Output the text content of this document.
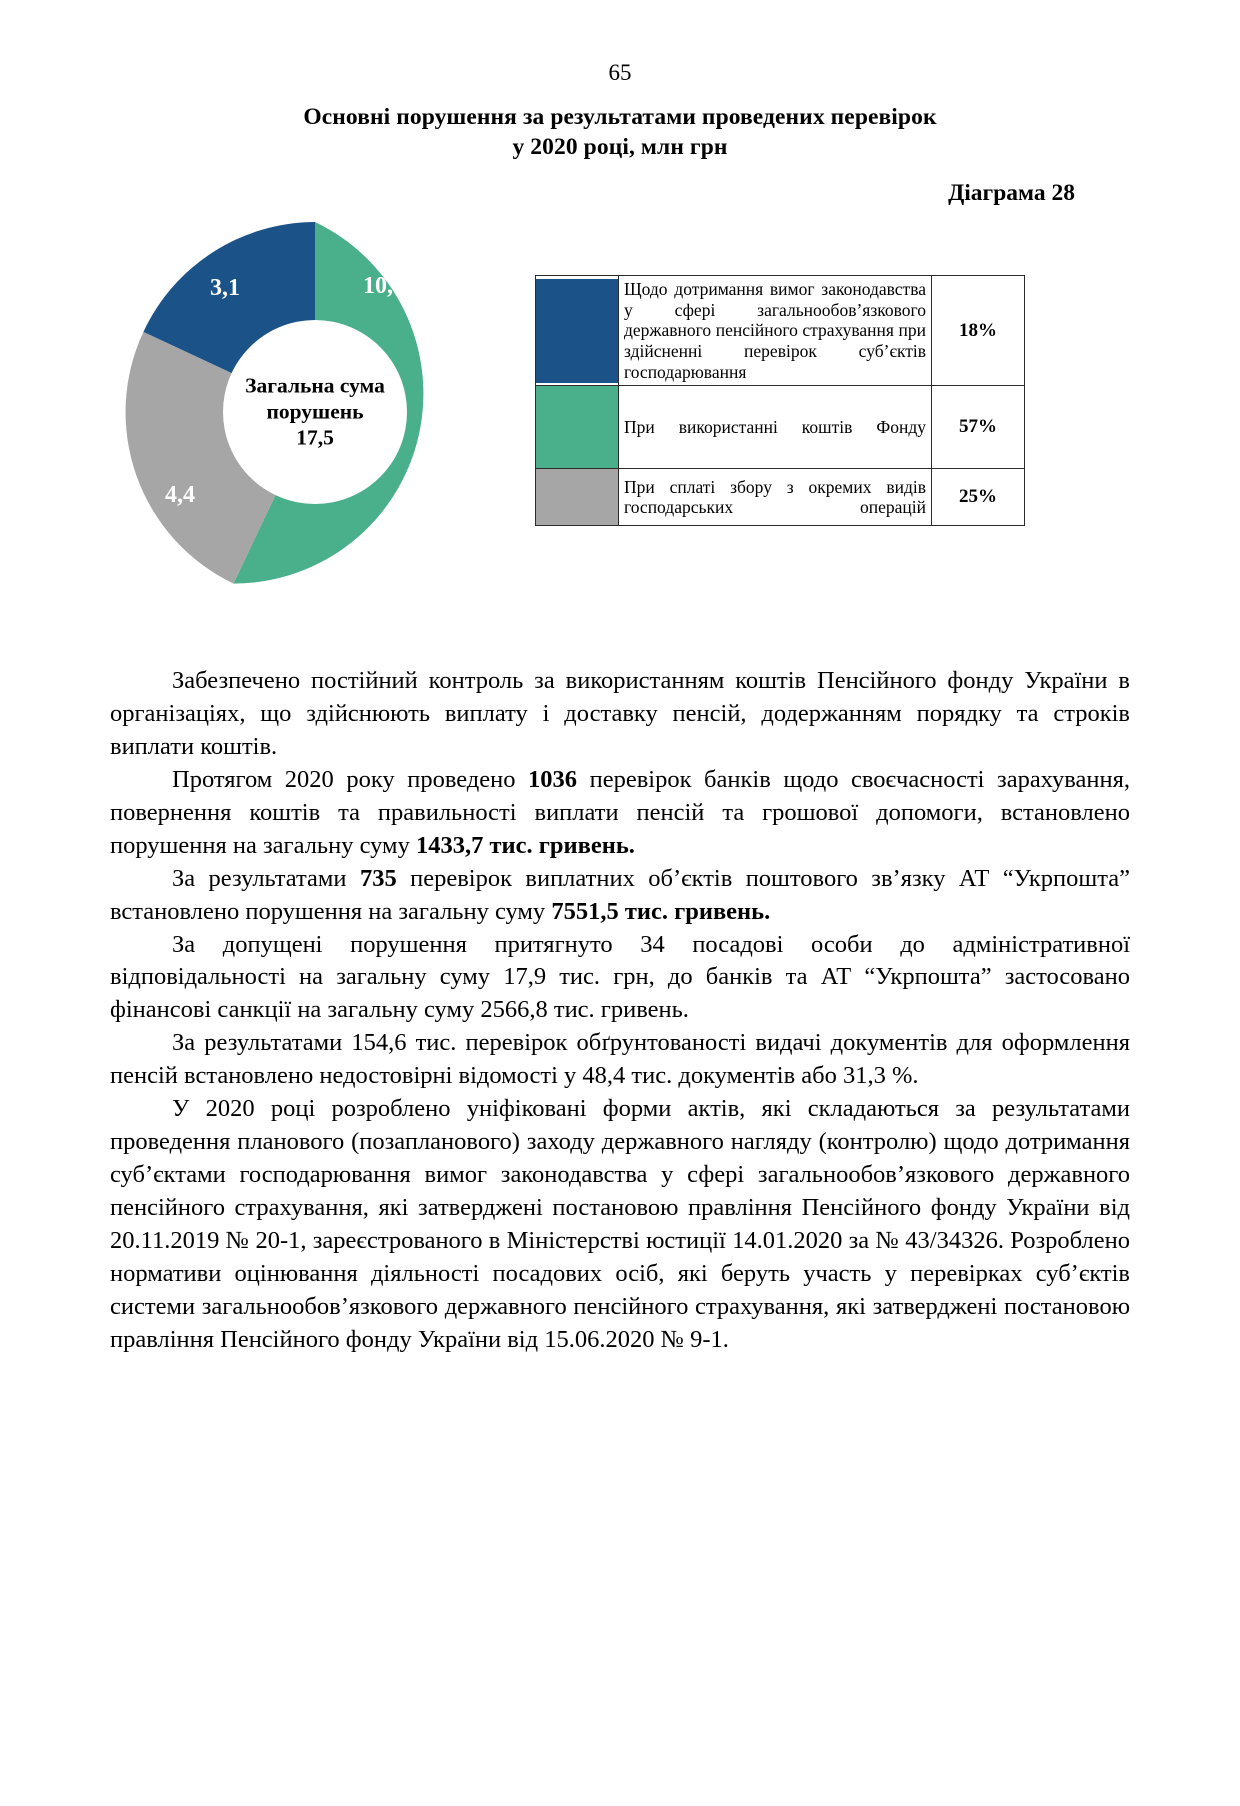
65
Основні порушення за результатами проведених перевірок
у 2020 році, млн грн
Діаграма 28
10,0
3,1
4,4
Загальна сума
порушень
17,5
	Щодо дотримання вимог законодавства у сфері загальнообов’язкового державного пенсійного страхування при здійсненні перевірок суб’єктів господарювання	18%

	При використанні коштів Фонду	57%

	При сплаті збору з окремих видів господарських операцій	25%

Забезпечено постійний контроль за використанням коштів Пенсійного фонду України в організаціях, що здійснюють виплату і доставку пенсій, додержанням порядку та строків виплати коштів.

Протягом 2020 року проведено 1036 перевірок банків щодо своєчасності зарахування, повернення коштів та правильності виплати пенсій та грошової допомоги, встановлено порушення на загальну суму 1433,7 тис. гривень.

За результатами 735 перевірок виплатних об’єктів поштового зв’язку АТ “Укрпошта” встановлено порушення на загальну суму 7551,5 тис. гривень.

За допущені порушення притягнуто 34 посадові особи до адміністративної відповідальності на загальну суму 17,9 тис. грн, до банків та АТ “Укрпошта” застосовано фінансові санкції на загальну суму 2566,8 тис. гривень.

За результатами 154,6 тис. перевірок обґрунтованості видачі документів для оформлення пенсій встановлено недостовірні відомості у 48,4 тис. документів або 31,3 %.

У 2020 році розроблено уніфіковані форми актів, які складаються за результатами проведення планового (позапланового) заходу державного нагляду (контролю) щодо дотримання суб’єктами господарювання вимог законодавства у сфері загальнообов’язкового державного пенсійного страхування, які затверджені постановою правління Пенсійного фонду України від 20.11.2019 № 20-1, зареєстрованого в Міністерстві юстиції 14.01.2020 за № 43/34326. Розроблено нормативи оцінювання діяльності посадових осіб, які беруть участь у перевірках суб’єктів системи загальнообов’язкового державного пенсійного страхування, які затверджені постановою правління Пенсійного фонду України від 15.06.2020 № 9-1.
